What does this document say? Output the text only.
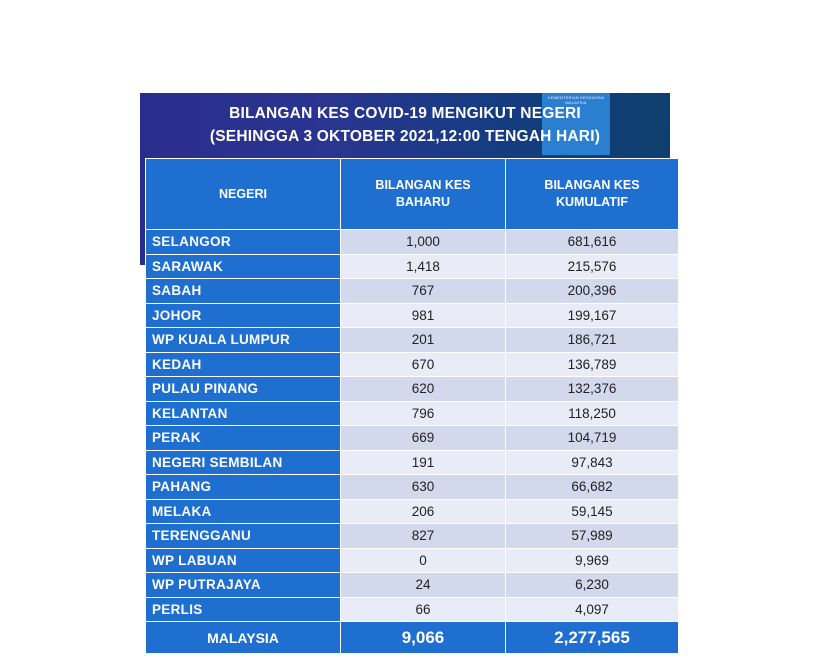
KEMENTERIAN KESIHATAN MALAYSIA
BILANGAN KES COVID-19 MENGIKUT NEGERI
(SEHINGGA 3 OKTOBER 2021,12:00 TENGAH HARI)
NEGERI	BILANGAN KES BAHARU	BILANGAN KES KUMULATIF
SELANGOR	1,000	681,616
SARAWAK	1,418	215,576
SABAH	767	200,396
JOHOR	981	199,167
WP KUALA LUMPUR	201	186,721
KEDAH	670	136,789
PULAU PINANG	620	132,376
KELANTAN	796	118,250
PERAK	669	104,719
NEGERI SEMBILAN	191	97,843
PAHANG	630	66,682
MELAKA	206	59,145
TERENGGANU	827	57,989
WP LABUAN	0	9,969
WP PUTRAJAYA	24	6,230
PERLIS	66	4,097
MALAYSIA	9,066	2,277,565
